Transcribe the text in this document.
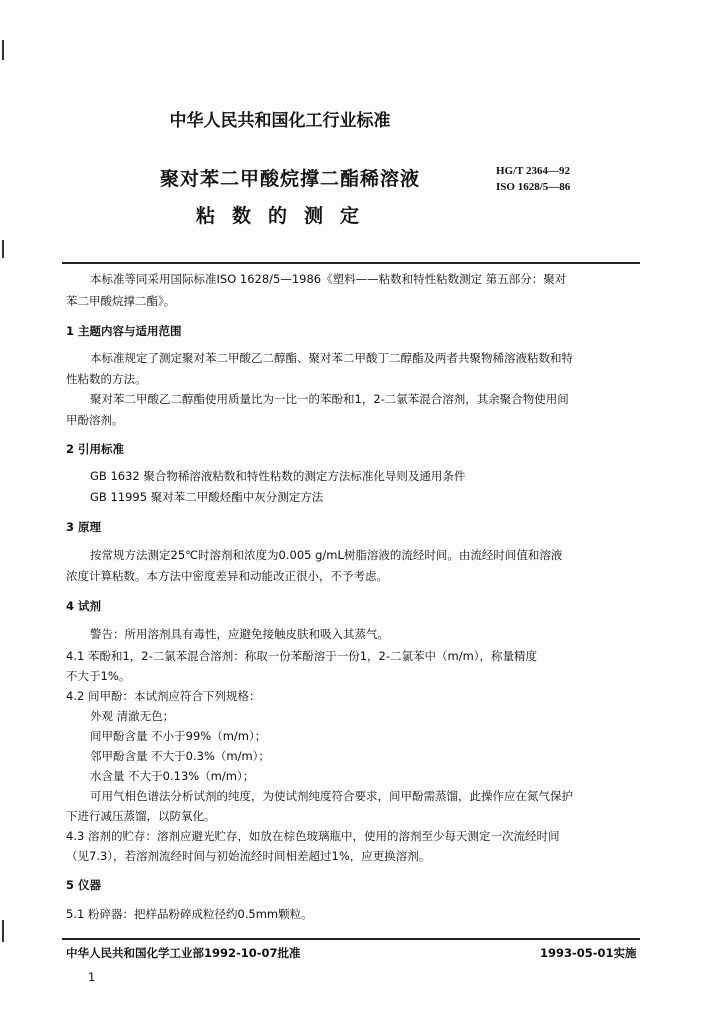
中华人民共和国化工行业标准
聚对苯二甲酸烷撑二酯稀溶液
粘数的测定
HG/T 2364—92
ISO 1628/5—86
本标准等同采用国际标准ISO 1628/5—1986《塑料——粘数和特性粘数测定 第五部分：聚对
苯二甲酸烷撑二酯》。
1 主题内容与适用范围
本标准规定了测定聚对苯二甲酸乙二醇酯、聚对苯二甲酸丁二醇酯及两者共聚物稀溶液粘数和特
性粘数的方法。
聚对苯二甲酸乙二醇酯使用质量比为一比一的苯酚和1，2-二氯苯混合溶剂，其余聚合物使用间
甲酚溶剂。
2 引用标准
GB 1632 聚合物稀溶液粘数和特性粘数的测定方法标准化导则及通用条件
GB 11995 聚对苯二甲酸烃酯中灰分测定方法
3 原理
按常规方法测定25℃时溶剂和浓度为0.005 g/mL树脂溶液的流经时间。由流经时间值和溶液
浓度计算粘数。本方法中密度差异和动能改正很小，不予考虑。
4 试剂
警告：所用溶剂具有毒性，应避免接触皮肤和吸入其蒸气。
4.1 苯酚和1，2-二氯苯混合溶剂：称取一份苯酚溶于一份1，2-二氯苯中（m/m），称量精度
不大于1%。
4.2 间甲酚：本试剂应符合下列规格：
外观 清澈无色；
间甲酚含量 不小于99%（m/m）；
邻甲酚含量 不大于0.3%（m/m）；
水含量 不大于0.13%（m/m）；
可用气相色谱法分析试剂的纯度，为使试剂纯度符合要求，间甲酚需蒸馏，此操作应在氮气保护
下进行减压蒸馏，以防氧化。
4.3 溶剂的贮存：溶剂应避光贮存，如放在棕色玻璃瓶中，使用的溶剂至少每天测定一次流经时间
（见7.3），若溶剂流经时间与初始流经时间相差超过1%，应更换溶剂。
5 仪器
5.1 粉碎器：把样品粉碎成粒径约0.5mm颗粒。
中华人民共和国化学工业部1992-10-07批准	1993-05-01实施
1
